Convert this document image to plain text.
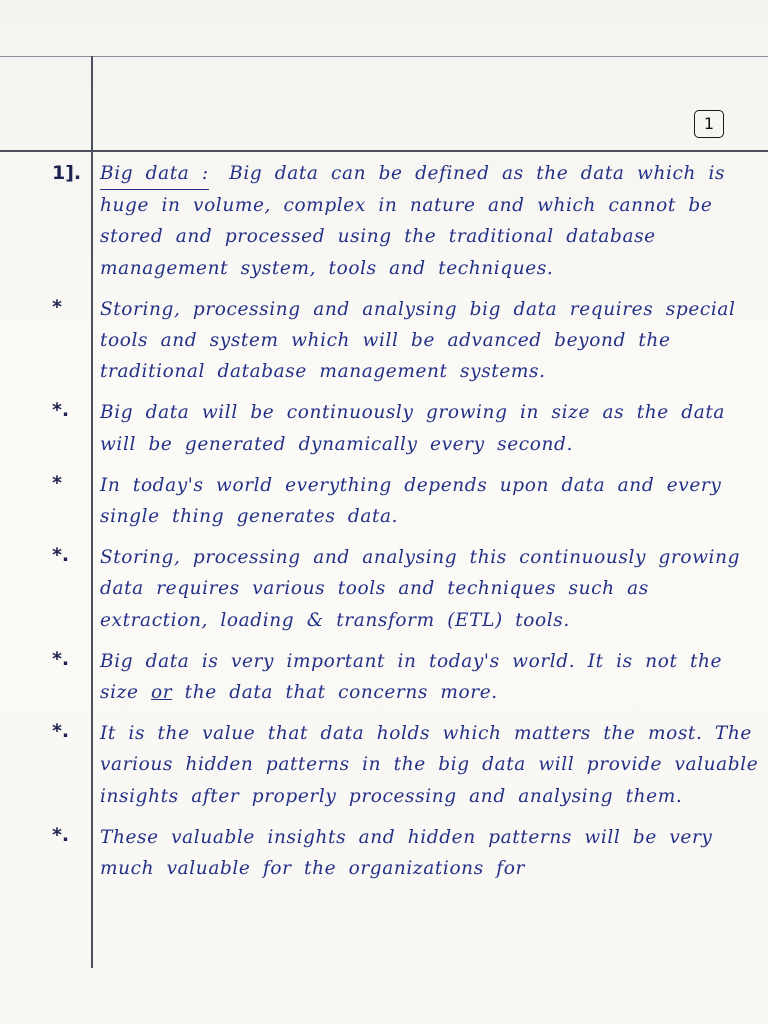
1
1]. Big data : Big data can be defined as the data which is huge in volume, complex in nature and which cannot be stored and processed using the traditional database management system, tools and techniques.
* Storing, processing and analysing big data requires special tools and system which will be advanced beyond the traditional database management systems.
*. Big data will be continuously growing in size as the data will be generated dynamically every second.
* In today's world everything depends upon data and every single thing generates data.
*. Storing, processing and analysing this continuously growing data requires various tools and techniques such as extraction, loading & transform (ETL) tools.
*. Big data is very important in today's world. It is not the size or the data that concerns more.
*. It is the value that data holds which matters the most. The various hidden patterns in the big data will provide valuable insights after properly processing and analysing them.
*. These valuable insights and hidden patterns will be very much valuable for the organizations for
